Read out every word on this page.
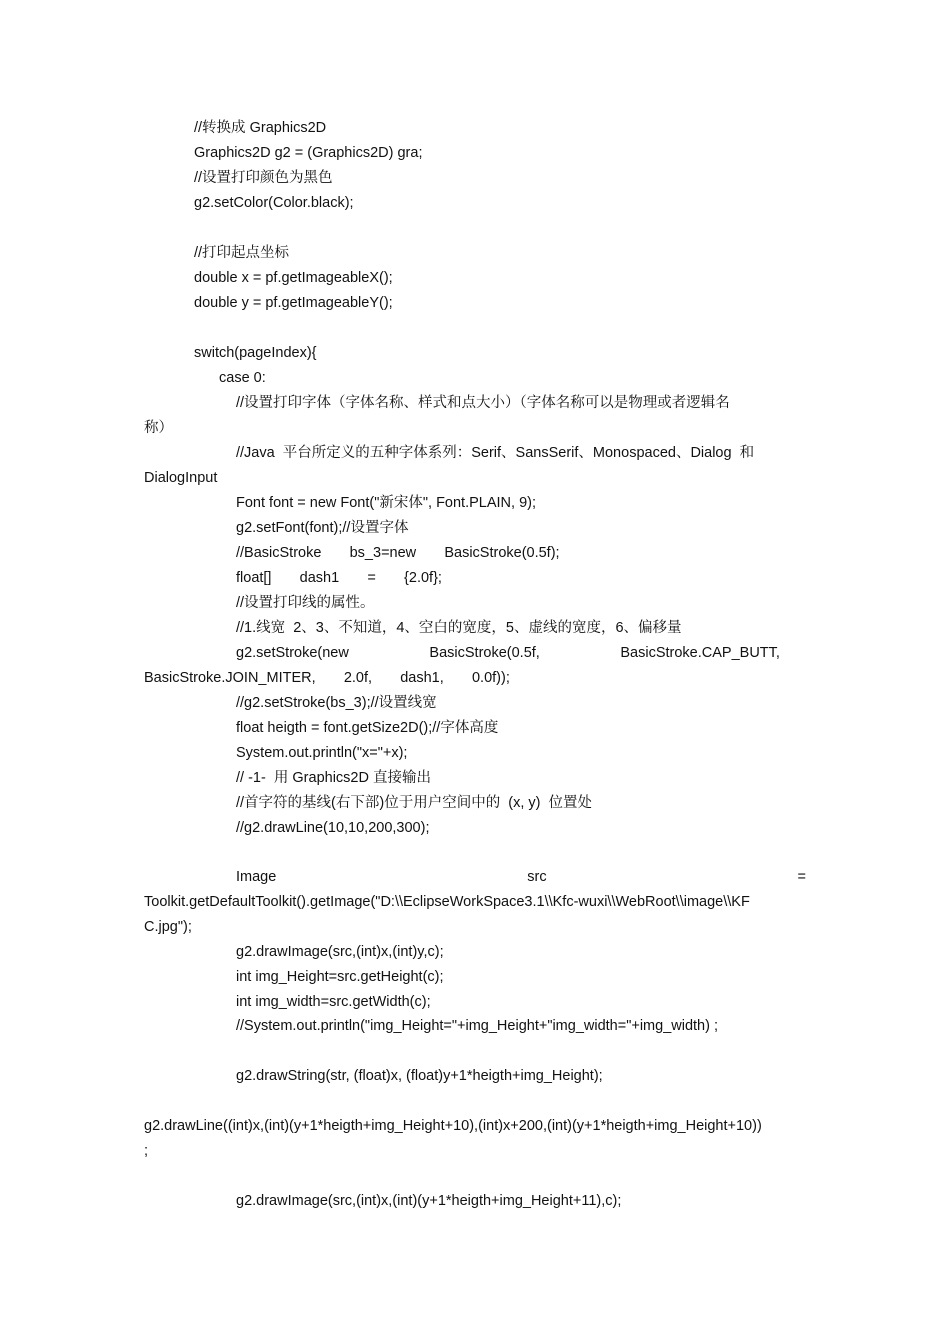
//转换成 Graphics2D
Graphics2D g2 = (Graphics2D) gra;
//设置打印颜色为黑色
g2.setColor(Color.black);
//打印起点坐标
double x = pf.getImageableX();
double y = pf.getImageableY();
switch(pageIndex){
case 0:
//设置打印字体（字体名称、样式和点大小）（字体名称可以是物理或者逻辑名
称）
//Java  平台所定义的五种字体系列：Serif、SansSerif、Monospaced、Dialog  和
DialogInput
Font font = new Font("新宋体", Font.PLAIN, 9);
g2.setFont(font);//设置字体
//BasicStroke       bs_3=new       BasicStroke(0.5f);
float[]       dash1       =       {2.0f};
//设置打印线的属性。
//1.线宽  2、3、不知道，4、空白的宽度，5、虚线的宽度，6、偏移量
g2.setStroke(new                    BasicStroke(0.5f,                    BasicStroke.CAP_BUTT,
BasicStroke.JOIN_MITER,       2.0f,       dash1,       0.0f));
//g2.setStroke(bs_3);//设置线宽
float heigth = font.getSize2D();//字体高度
System.out.println("x="+x);
// -1-  用 Graphics2D 直接输出
//首字符的基线(右下部)位于用户空间中的  (x, y)  位置处
//g2.drawLine(10,10,200,300);
Image	src	=
Toolkit.getDefaultToolkit().getImage("D:\\EclipseWorkSpace3.1\\Kfc-wuxi\\WebRoot\\image\\KF
C.jpg");
g2.drawImage(src,(int)x,(int)y,c);
int img_Height=src.getHeight(c);
int img_width=src.getWidth(c);
//System.out.println("img_Height="+img_Height+"img_width="+img_width) ;
g2.drawString(str, (float)x, (float)y+1*heigth+img_Height);
g2.drawLine((int)x,(int)(y+1*heigth+img_Height+10),(int)x+200,(int)(y+1*heigth+img_Height+10))
;
g2.drawImage(src,(int)x,(int)(y+1*heigth+img_Height+11),c);
